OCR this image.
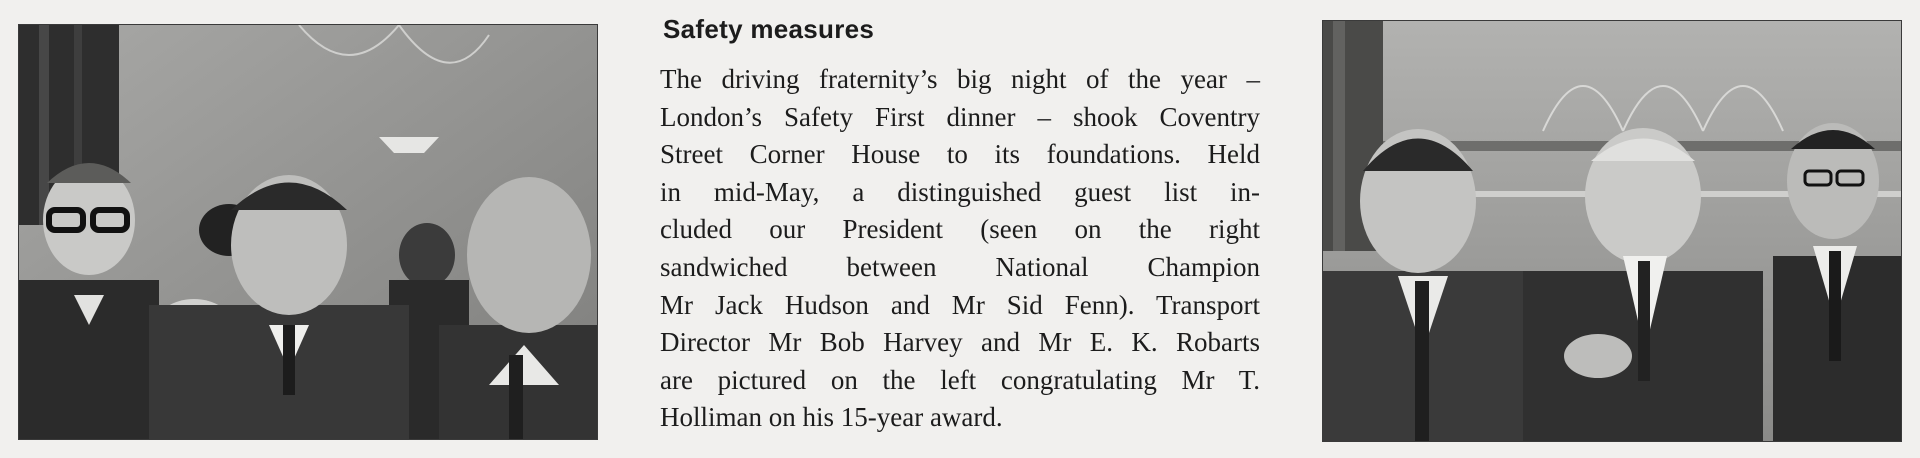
Safety measures

The driving fraternity’s big night of the year –
London’s Safety First dinner – shook Coventry
Street Corner House to its foundations. Held
in mid-May, a distinguished guest list in-
cluded our President (seen on the right
sandwiched between National Champion
Mr Jack Hudson and Mr Sid Fenn). Transport
Director Mr Bob Harvey and Mr E. K. Robarts
are pictured on the left congratulating Mr T.
Holliman on his 15-year award.
